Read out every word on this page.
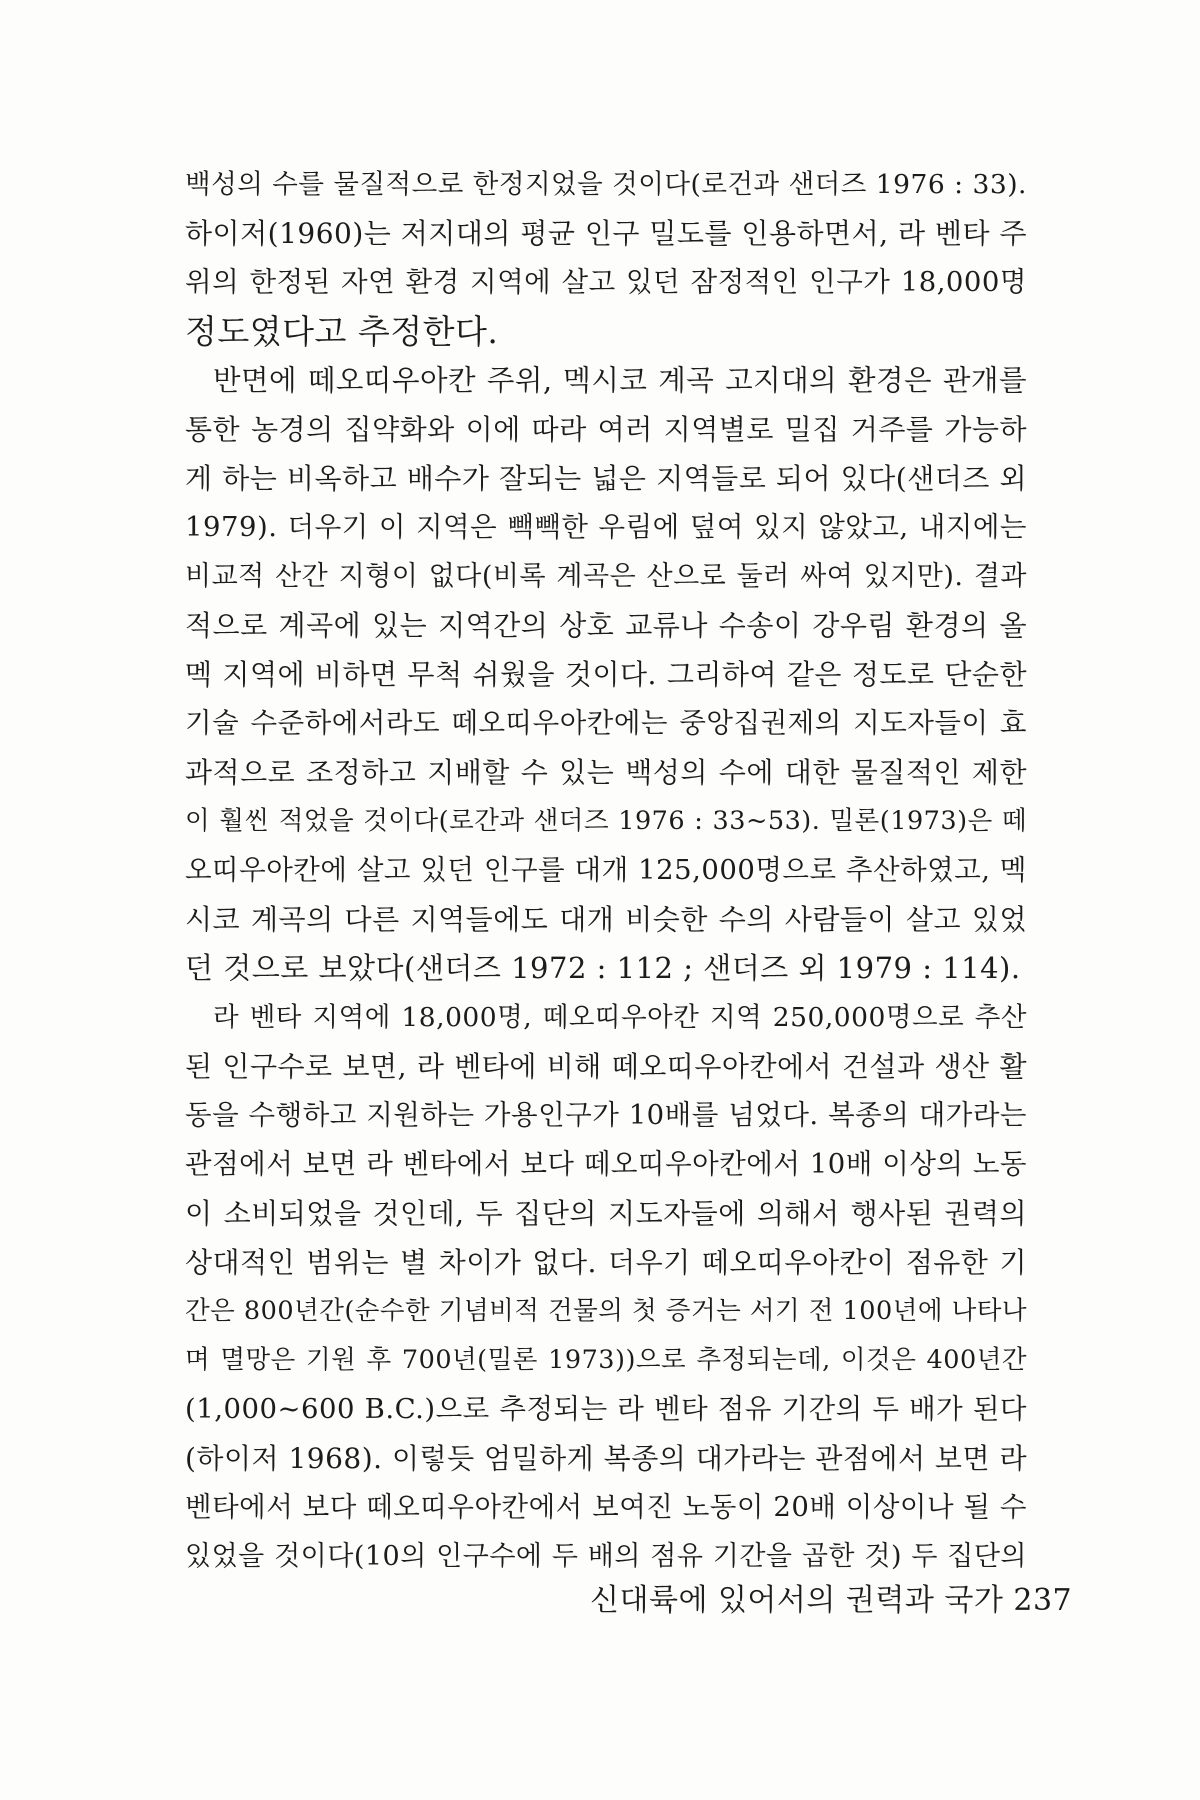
백성의 수를 물질적으로 한정지었을 것이다(로건과 샌더즈 1976 : 33).
하이저(1960)는 저지대의 평균 인구 밀도를 인용하면서, 라 벤타 주
위의 한정된 자연 환경 지역에 살고 있던 잠정적인 인구가 18,000명
정도였다고 추정한다.
반면에 떼오띠우아칸 주위, 멕시코 계곡 고지대의 환경은 관개를
통한 농경의 집약화와 이에 따라 여러 지역별로 밀집 거주를 가능하
게 하는 비옥하고 배수가 잘되는 넓은 지역들로 되어 있다(샌더즈 외
1979). 더우기 이 지역은 빽빽한 우림에 덮여 있지 않았고, 내지에는
비교적 산간 지형이 없다(비록 계곡은 산으로 둘러 싸여 있지만). 결과
적으로 계곡에 있는 지역간의 상호 교류나 수송이 강우림 환경의 올
멕 지역에 비하면 무척 쉬웠을 것이다. 그리하여 같은 정도로 단순한
기술 수준하에서라도 떼오띠우아칸에는 중앙집권제의 지도자들이 효
과적으로 조정하고 지배할 수 있는 백성의 수에 대한 물질적인 제한
이 훨씬 적었을 것이다(로간과 샌더즈 1976 : 33~53). 밀론(1973)은 떼
오띠우아칸에 살고 있던 인구를 대개 125,000명으로 추산하였고, 멕
시코 계곡의 다른 지역들에도 대개 비슷한 수의 사람들이 살고 있었
던 것으로 보았다(샌더즈 1972 : 112 ; 샌더즈 외 1979 : 114).
라 벤타 지역에 18,000명, 떼오띠우아칸 지역 250,000명으로 추산
된 인구수로 보면, 라 벤타에 비해 떼오띠우아칸에서 건설과 생산 활
동을 수행하고 지원하는 가용인구가 10배를 넘었다. 복종의 대가라는
관점에서 보면 라 벤타에서 보다 떼오띠우아칸에서 10배 이상의 노동
이 소비되었을 것인데, 두 집단의 지도자들에 의해서 행사된 권력의
상대적인 범위는 별 차이가 없다. 더우기 떼오띠우아칸이 점유한 기
간은 800년간(순수한 기념비적 건물의 첫 증거는 서기 전 100년에 나타나
며 멸망은 기원 후 700년(밀론 1973))으로 추정되는데, 이것은 400년간
(1,000~600 B.C.)으로 추정되는 라 벤타 점유 기간의 두 배가 된다
(하이저 1968). 이렇듯 엄밀하게 복종의 대가라는 관점에서 보면 라
벤타에서 보다 떼오띠우아칸에서 보여진 노동이 20배 이상이나 될 수
있었을 것이다(10의 인구수에 두 배의 점유 기간을 곱한 것) 두 집단의
신대륙에 있어서의 권력과 국가 237
